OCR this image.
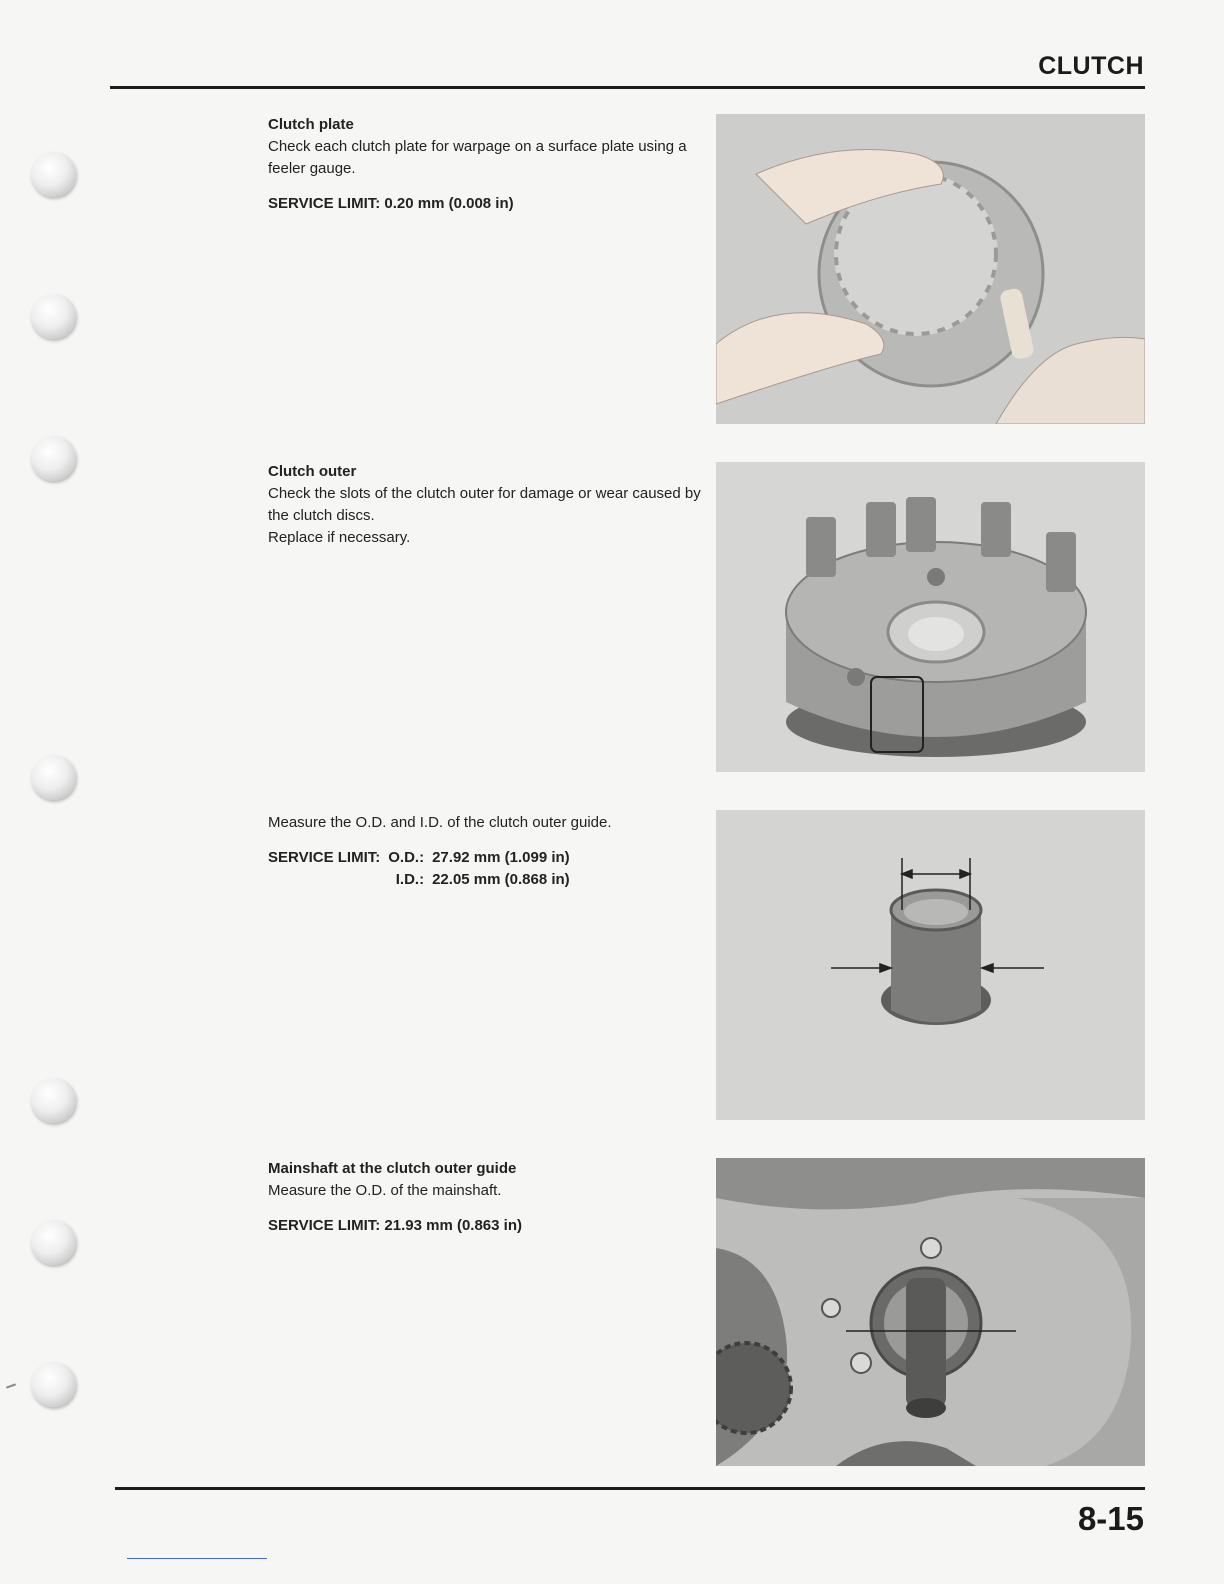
CLUTCH
Clutch plate

Check each clutch plate for warpage on a surface plate using a feeler gauge.

SERVICE LIMIT: 0.20 mm (0.008 in)
Clutch outer

Check the slots of the clutch outer for damage or wear caused by the clutch discs.

Replace if necessary.

Measure the O.D. and I.D. of the clutch outer guide.

SERVICE LIMIT:	O.D.:	27.92 mm (1.099 in)
	I.D.:	22.05 mm (0.868 in)
Mainshaft at the clutch outer guide

Measure the O.D. of the mainshaft.

SERVICE LIMIT: 21.93 mm (0.863 in)
8-15
